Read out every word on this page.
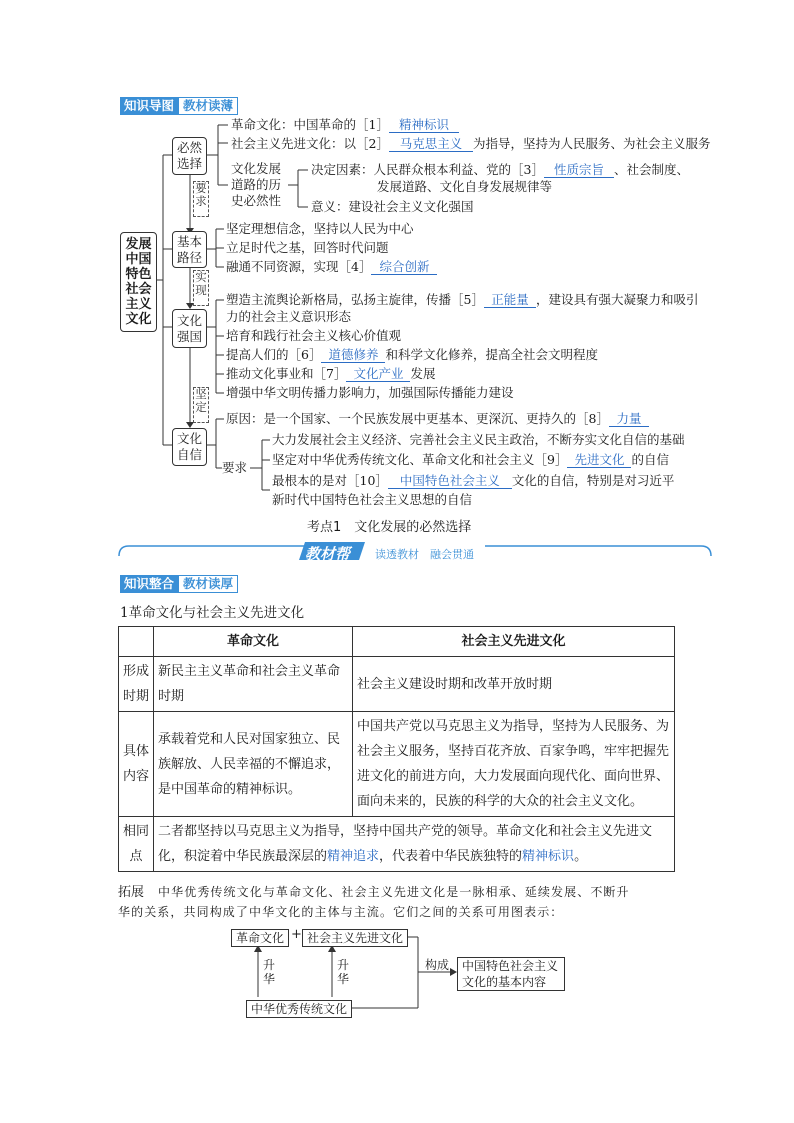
知识导图 教材读薄
发展中国特色社会主义文化
必然选择
基本路径
文化强国
文化自信
要求
实现
坚定
革命文化：中国革命的［1］ 精神标识
社会主义先进文化：以［2］ 马克思主义 为指导，坚持为人民服务、为社会主义服务
文化发展道路的历史必然性
决定因素：人民群众根本利益、党的［3］ 性质宗旨 、社会制度、
发展道路、文化自身发展规律等
意义：建设社会主义文化强国
坚定理想信念，坚持以人民为中心
立足时代之基，回答时代问题
融通不同资源，实现［4］ 综合创新
塑造主流舆论新格局，弘扬主旋律，传播［5］ 正能量 ，建设具有强大凝聚力和吸引
力的社会主义意识形态
培育和践行社会主义核心价值观
提高人们的［6］ 道德修养 和科学文化修养，提高全社会文明程度
推动文化事业和［7］ 文化产业 发展
增强中华文明传播力影响力，加强国际传播能力建设
原因：是一个国家、一个民族发展中更基本、更深沉、更持久的［8］ 力量
要求
大力发展社会主义经济、完善社会主义民主政治，不断夯实文化自信的基础
坚定对中华优秀传统文化、革命文化和社会主义［9］ 先进文化 的自信
最根本的是对［10］ 中国特色社会主义 文化的自信，特别是对习近平
新时代中国特色社会主义思想的自信
考点1　文化发展的必然选择
教材帮 读透教材　融会贯通
知识整合 教材读厚
1革命文化与社会主义先进文化
	革命文化	社会主义先进文化
形成时期	新民主主义革命和社会主义革命时期	社会主义建设时期和改革开放时期
具体内容	承载着党和人民对国家独立、民族解放、人民幸福的不懈追求，是中国革命的精神标识。	中国共产党以马克思主义为指导，坚持为人民服务、为社会主义服务，坚持百花齐放、百家争鸣，牢牢把握先进文化的前进方向，大力发展面向现代化、面向世界、面向未来的，民族的科学的大众的社会主义文化。
相同点	二者都坚持以马克思主义为指导，坚持中国共产党的领导。革命文化和社会主义先进文化，积淀着中华民族最深层的精神追求，代表着中华民族独特的精神标识。	
拓展 中华优秀传统文化与革命文化、社会主义先进文化是一脉相承、延续发展、不断升
华的关系，共同构成了中华文化的主体与主流。它们之间的关系可用图表示：
革命文化 + 社会主义先进文化
升华
升华
构成
中华优秀传统文化
中国特色社会主义文化的基本内容
